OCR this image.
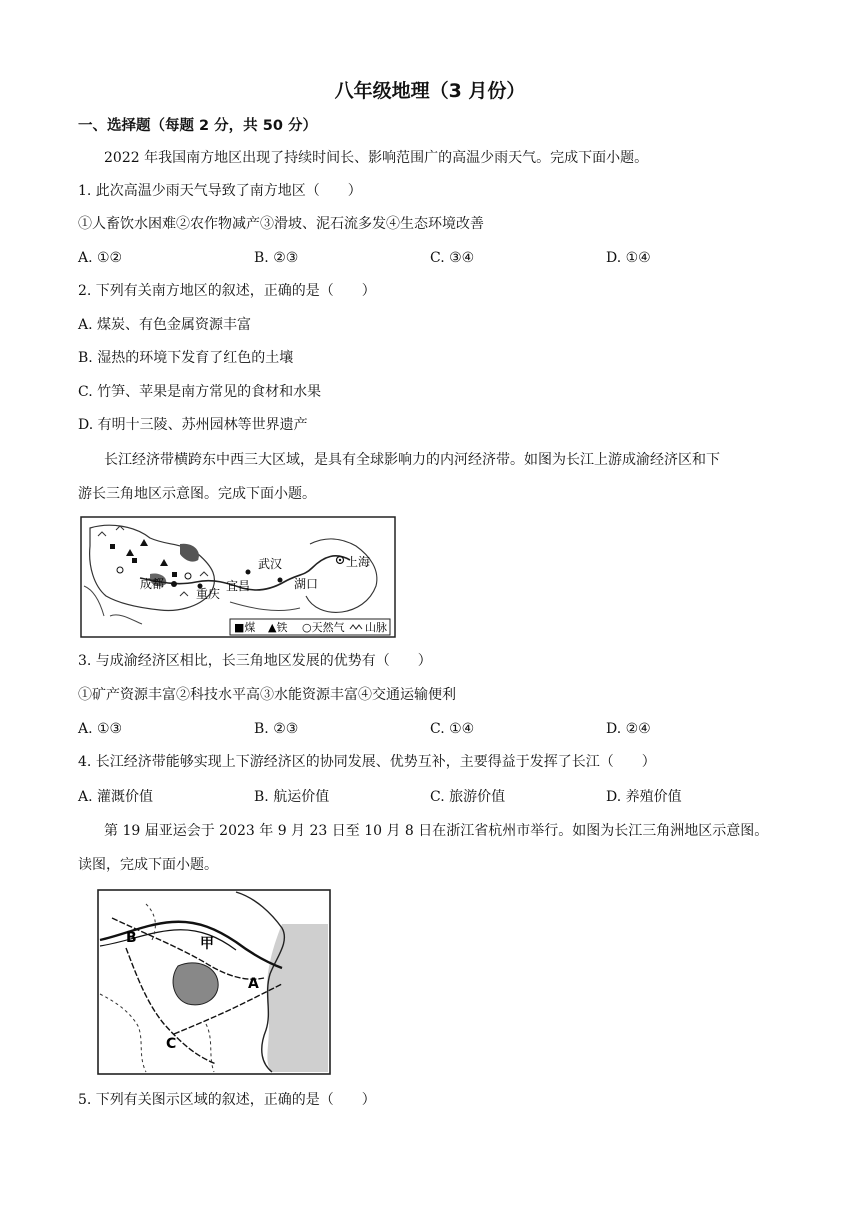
八年级地理（3 月份）
一、选择题（每题 2 分，共 50 分）
2022 年我国南方地区出现了持续时间长、影响范围广的高温少雨天气。完成下面小题。
1. 此次高温少雨天气导致了南方地区（　　）
①人畜饮水困难②农作物减产③滑坡、泥石流多发④生态环境改善
A. ①②	B. ②③	C. ③④	D. ①④
2. 下列有关南方地区的叙述，正确的是（　　）
A. 煤炭、有色金属资源丰富
B. 湿热的环境下发育了红色的土壤
C. 竹笋、苹果是南方常见的食材和水果
D. 有明十三陵、苏州园林等世界遗产
长江经济带横跨东中西三大区域，是具有全球影响力的内河经济带。如图为长江上游成渝经济区和下
游长三角地区示意图。完成下面小题。
成都
重庆
宜昌
武汉
湖口
上海
■煤 ▲铁 ○天然气 山脉
3. 与成渝经济区相比，长三角地区发展的优势有（　　）
①矿产资源丰富②科技水平高③水能资源丰富④交通运输便利
A. ①③	B. ②③	C. ①④	D. ②④
4. 长江经济带能够实现上下游经济区的协同发展、优势互补，主要得益于发挥了长江（　　）
A. 灌溉价值	B. 航运价值	C. 旅游价值	D. 养殖价值
第 19 届亚运会于 2023 年 9 月 23 日至 10 月 8 日在浙江省杭州市举行。如图为长江三角洲地区示意图。
读图，完成下面小题。
B	甲
A
C
5. 下列有关图示区域的叙述，正确的是（　　）
